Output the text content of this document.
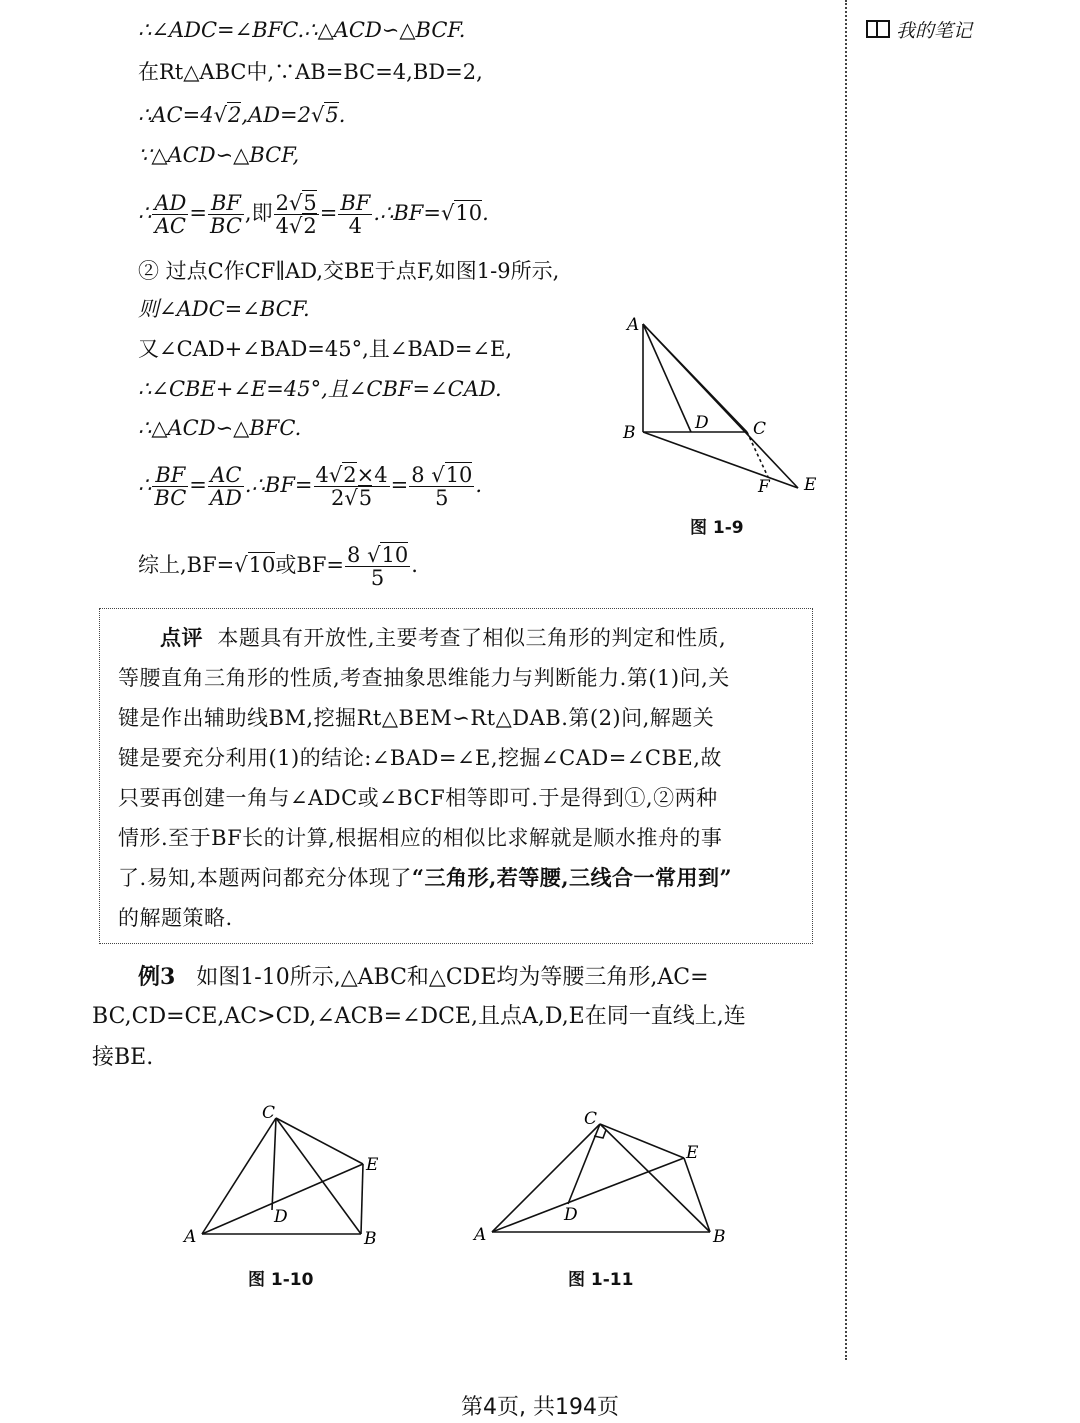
我的笔记
∴∠ADC=∠BFC.∴△ACD∽△BCF.
在Rt△ABC中,∵AB=BC=4,BD=2,
∴AC=4√2,AD=2√5.
∵△ACD∽△BCF,
∴ $\frac{AD}{AC} = \frac{BF}{BC}$ ,即 $\frac{2√5}{4√2} = \frac{BF}{4}$ .∴BF=√10.
② 过点C作CF∥AD,交BE于点F,如图1-9所示,
则∠ADC=∠BCF.
又∠CAD+∠BAD=45°,且∠BAD=∠E,
∴∠CBE+∠E=45°,且∠CBF=∠CAD.
∴△ACD∽△BFC.
∴ $\frac{BF}{BC} = \frac{AC}{AD}$ .∴BF= $\frac{4√2\times 4}{2√5} = \frac{8 √10}{5}$ .
综上,BF=√10或$BF= \frac{8 √10}{5}$ .
A
B	D	C
F E
图 1-9

点评 本题具有开放性,主要考查了相似三角形的判定和性质,

等腰直角三角形的性质,考查抽象思维能力与判断能力.第(1)问,关

键是作出辅助线BM,挖掘Rt△BEM∽Rt△DAB.第(2)问,解题关

键是要充分利用(1)的结论:∠BAD=∠E,挖掘∠CAD=∠CBE,故

只要再创建一角与∠ADC或∠BCF相等即可.于是得到①,②两种

情形.至于BF长的计算,根据相应的相似比求解就是顺水推舟的事

了.易知,本题两问都充分体现了“三角形,若等腰,三线合一常用到”

的解题策略.

例3 如图1-10所示,△ABC和△CDE均为等腰三角形,AC=
BC,CD=CE,AC>CD,∠ACB=∠DCE,且点A,D,E在同一直线上,连
接BE.
A
C
E
D
B
图 1-10
A
C
E
D
B
图 1-11
第4页, 共194页
